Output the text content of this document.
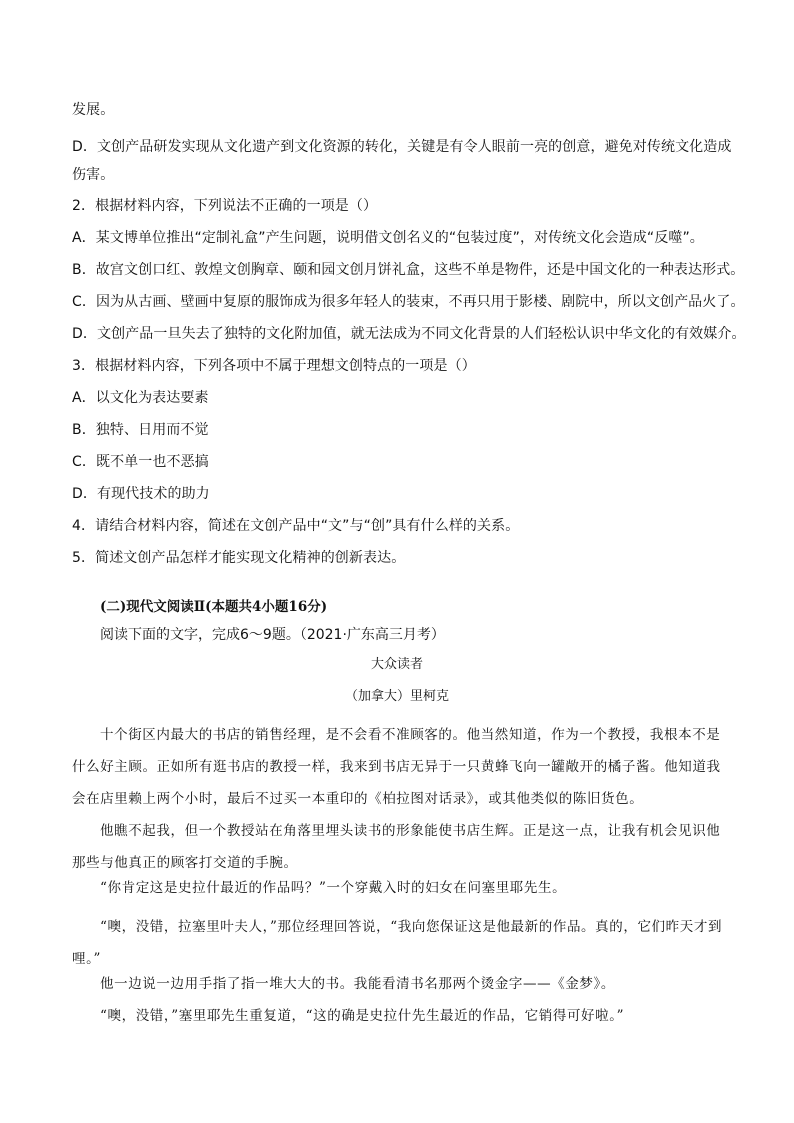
发展。
D．文创产品研发实现从文化遗产到文化资源的转化，关键是有令人眼前一亮的创意，避免对传统文化造成
伤害。
2．根据材料内容，下列说法不正确的一项是（）
A．某文博单位推出“定制礼盒”产生问题，说明借文创名义的“包装过度”，对传统文化会造成“反噬”。
B．故宫文创口红、敦煌文创胸章、颐和园文创月饼礼盒，这些不单是物件，还是中国文化的一种表达形式。
C．因为从古画、壁画中复原的服饰成为很多年轻人的装束，不再只用于影楼、剧院中，所以文创产品火了。
D．文创产品一旦失去了独特的文化附加值，就无法成为不同文化背景的人们轻松认识中华文化的有效媒介。
3．根据材料内容，下列各项中不属于理想文创特点的一项是（）
A．以文化为表达要素
B．独特、日用而不觉
C．既不单一也不恶搞
D．有现代技术的助力
4．请结合材料内容，简述在文创产品中“文”与“创”具有什么样的关系。
5．简述文创产品怎样才能实现文化精神的创新表达。
(二)现代文阅读Ⅱ(本题共4小题16分)
阅读下面的文字，完成6～9题。（2021·广东高三月考）
大众读者
（加拿大）里柯克
十个街区内最大的书店的销售经理，是不会看不准顾客的。他当然知道，作为一个教授，我根本不是什么好主顾。正如所有逛书店的教授一样，我来到书店无异于一只黄蜂飞向一罐敞开的橘子酱。他知道我会在店里赖上两个小时，最后不过买一本重印的《柏拉图对话录》，或其他类似的陈旧货色。
他瞧不起我，但一个教授站在角落里埋头读书的形象能使书店生辉。正是这一点，让我有机会见识他那些与他真正的顾客打交道的手腕。
“你肯定这是史拉什最近的作品吗？”一个穿戴入时的妇女在问塞里耶先生。
“噢，没错，拉塞里叶夫人，”那位经理回答说，“我向您保证这是他最新的作品。真的，它们昨天才到哩。”
他一边说一边用手指了指一堆大大的书。我能看清书名那两个烫金字——《金梦》。
“噢，没错，”塞里耶先生重复道，“这的确是史拉什先生最近的作品，它销得可好啦。”
